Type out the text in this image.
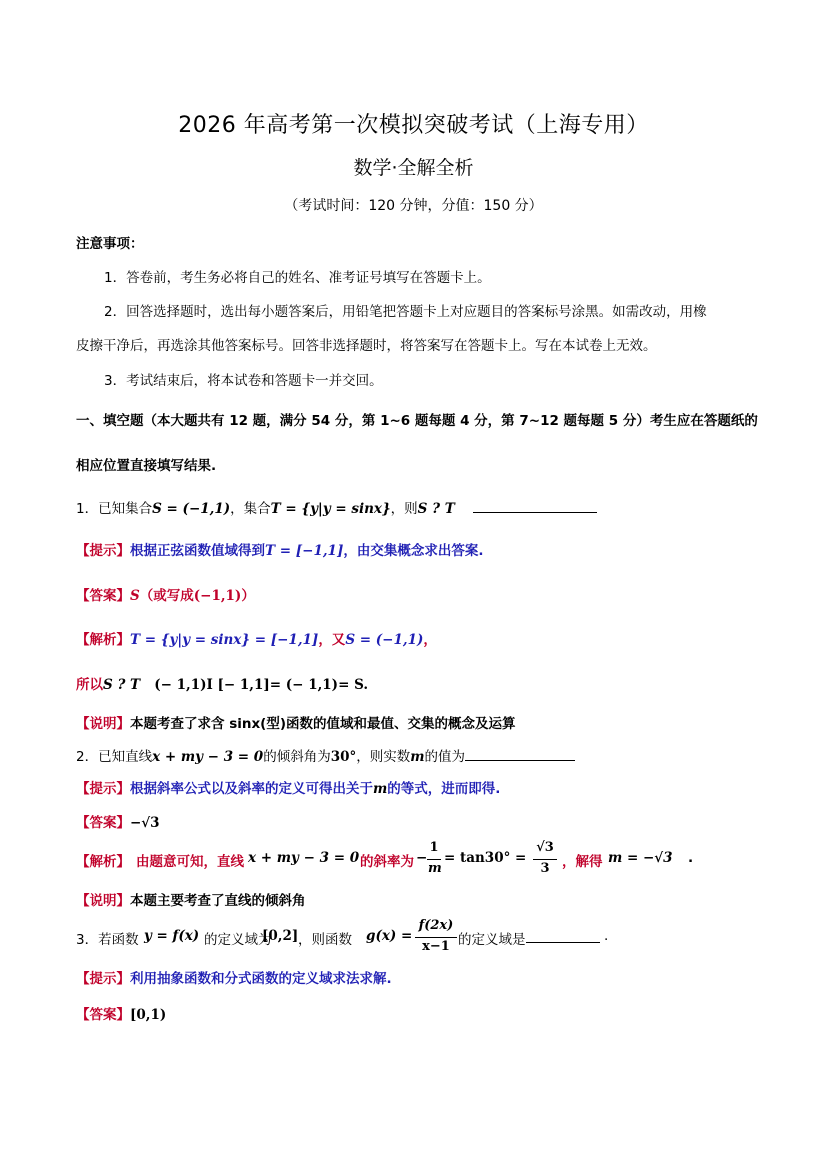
2026 年高考第一次模拟突破考试（上海专用）
数学·全解全析
（考试时间：120 分钟，分值：150 分）
注意事项：
1．答卷前，考生务必将自己的姓名、准考证号填写在答题卡上。
2．回答选择题时，选出每小题答案后，用铅笔把答题卡上对应题目的答案标号涂黑。如需改动，用橡
皮擦干净后，再选涂其他答案标号。回答非选择题时，将答案写在答题卡上。写在本试卷上无效。
3．考试结束后，将本试卷和答题卡一并交回。
一、填空题（本大题共有 12 题，满分 54 分，第 1~6 题每题 4 分，第 7~12 题每题 5 分）考生应在答题纸的
相应位置直接填写结果.
1．已知集合S = (−1,1)，集合T = {y|y = sinx}，则S ? T
【提示】根据正弦函数值域得到T = [−1,1]，由交集概念求出答案.
【答案】S（或写成(−1,1)）
【解析】T = {y|y = sinx} = [−1,1]，又S = (−1,1)，
所以S ? T (− 1,1)I [− 1,1]= (− 1,1)= S.
【说明】本题考查了求含 sinx(型)函数的值域和最值、交集的概念及运算
2．已知直线x + my − 3 = 0的倾斜角为30°，则实数m的值为
【提示】根据斜率公式以及斜率的定义可得出关于m的等式，进而即得.
【答案】−√3
【解析】 由题意可知，直线 x + my − 3 = 0 的斜率为 −
1
m
= tan30° =
√3
3 ，解得 m = −√3 .
【说明】本题主要考查了直线的倾斜角
3．若函数 y = f(x) 的定义域为
[0,2] ，则函数 g(x) =
f(2x)
x−1 的定义域是	.
【提示】利用抽象函数和分式函数的定义域求法求解.
【答案】[0,1)
